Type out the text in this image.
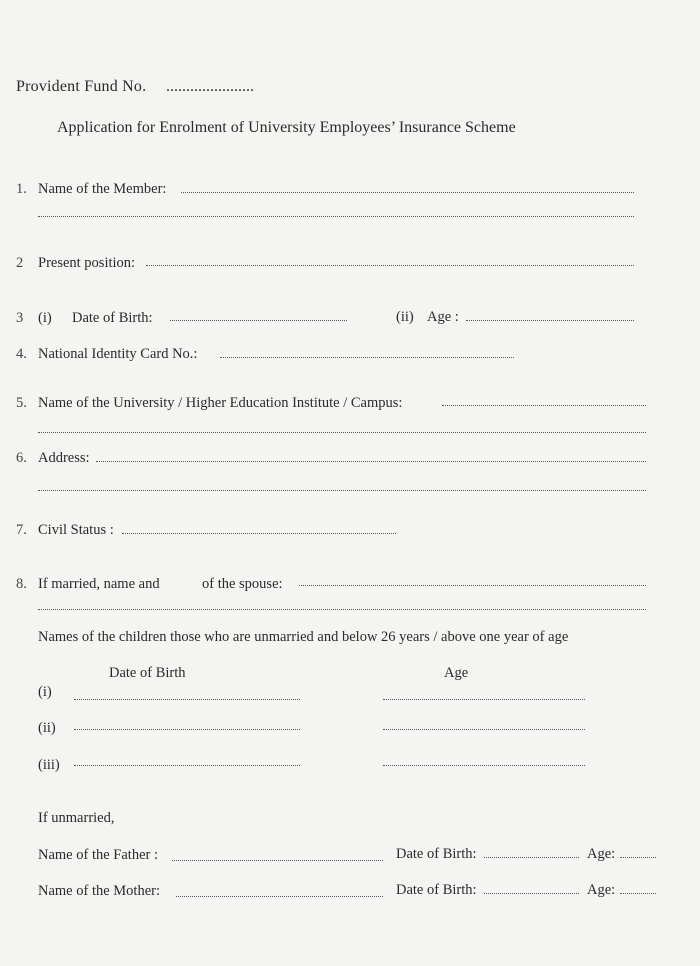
Provident Fund No. ......................
Application for Enrolment of University Employees’ Insurance Scheme
1. Name of the Member:
2 Present position:
3 (i) Date of Birth:	(ii) Age :
4. National Identity Card No.:
5. Name of the University / Higher Education Institute / Campus:
6. Address:
7. Civil Status :
8. If married, name and	of the spouse:
Names of the children those who are unmarried and below 26 years / above one year of age
Date of Birth	Age
(i)
(ii)
(iii)
If unmarried,
Name of the Father :	Date of Birth:	Age:
Name of the Mother:	Date of Birth:	Age:
